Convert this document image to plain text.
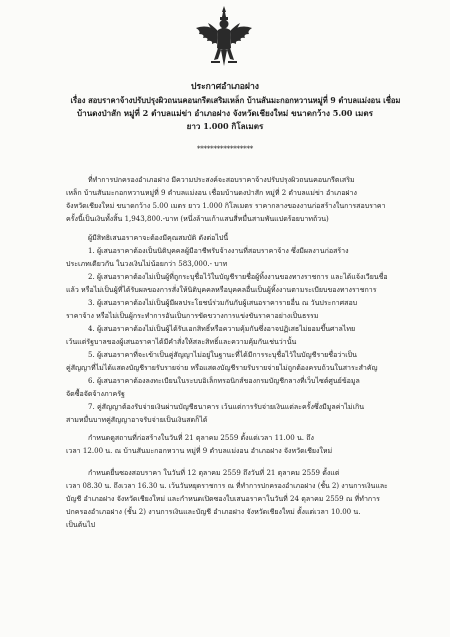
ประกาศอำเภอฝาง
เรื่อง สอบราคาจ้างปรับปรุงผิวถนนคอนกรีตเสริมเหล็ก บ้านสันมะกอกหวานหมู่ที่ 9 ตำบลแม่งอน เชื่อม
บ้านดงป่าสัก หมู่ที่ 2 ตำบลแม่ข่า อำเภอฝาง จังหวัดเชียงใหม่ ขนาดกว้าง 5.00 เมตร
ยาว 1.000 กิโลเมตร
*****************
ที่ทำการปกครองอำเภอฝาง มีความประสงค์จะสอบราคาจ้างปรับปรุงผิวถนนคอนกรีตเสริม
เหล็ก บ้านสันมะกอกหวานหมู่ที่ 9 ตำบลแม่งอน เชื่อมบ้านดงป่าสัก หมู่ที่ 2 ตำบลแม่ข่า อำเภอฝาง
จังหวัดเชียงใหม่ ขนาดกว้าง 5.00 เมตร ยาว 1.000 กิโลเมตร ราคากลางของงานก่อสร้างในการสอบราคา
ครั้งนี้เป็นเงินทั้งสิ้น 1,943,800.-บาท (หนึ่งล้านเก้าแสนสี่หมื่นสามพันแปดร้อยบาทถ้วน)
ผู้มีสิทธิเสนอราคาจะต้องมีคุณสมบัติ ดังต่อไปนี้
1. ผู้เสนอราคาต้องเป็นนิติบุคคลผู้มีอาชีพรับจ้างงานที่สอบราคาจ้าง ซึ่งมีผลงานก่อสร้าง
ประเภทเดียวกัน ในวงเงินไม่น้อยกว่า 583,000.- บาท
2. ผู้เสนอราคาต้องไม่เป็นผู้ที่ถูกระบุชื่อไว้ในบัญชีรายชื่อผู้ทิ้งงานของทางราชการ และได้แจ้งเวียนชื่อ
แล้ว หรือไม่เป็นผู้ที่ได้รับผลของการสั่งให้นิติบุคคลหรือบุคคลอื่นเป็นผู้ทิ้งงานตามระเบียบของทางราชการ
3. ผู้เสนอราคาต้องไม่เป็นผู้มีผลประโยชน์ร่วมกันกับผู้เสนอราคารายอื่น ณ วันประกาศสอบ
ราคาจ้าง หรือไม่เป็นผู้กระทำการอันเป็นการขัดขวางการแข่งขันราคาอย่างเป็นธรรม
4. ผู้เสนอราคาต้องไม่เป็นผู้ได้รับเอกสิทธิ์หรือความคุ้มกันซึ่งอาจปฏิเสธไม่ยอมขึ้นศาลไทย
เว้นแต่รัฐบาลของผู้เสนอราคาได้มีคำสั่งให้สละสิทธิ์และความคุ้มกันเช่นว่านั้น
5. ผู้เสนอราคาที่จะเข้าเป็นคู่สัญญาไม่อยู่ในฐานะที่ได้มีการระบุชื่อไว้ในบัญชีรายชื่อว่าเป็น
คู่สัญญาที่ไม่ได้แสดงบัญชีรายรับรายจ่าย หรือแสดงบัญชีรายรับรายจ่ายไม่ถูกต้องครบถ้วนในสาระสำคัญ
6. ผู้เสนอราคาต้องลงทะเบียนในระบบอิเล็กทรอนิกส์ของกรมบัญชีกลางที่เว็บไซต์ศูนย์ข้อมูล
จัดซื้อจัดจ้างภาครัฐ
7. คู่สัญญาต้องรับจ่ายเงินผ่านบัญชีธนาคาร เว้นแต่การรับจ่ายเงินแต่ละครั้งซึ่งมีมูลค่าไม่เกิน
สามหมื่นบาทคู่สัญญาอาจรับจ่ายเป็นเงินสดก็ได้
กำหนดดูสถานที่ก่อสร้างในวันที่ 21 ตุลาคม 2559 ตั้งแต่เวลา 11.00 น. ถึง
เวลา 12.00 น. ณ บ้านสันมะกอกหวาน หมู่ที่ 9 ตำบลแม่งอน อำเภอฝาง จังหวัดเชียงใหม่
กำหนดยื่นซองสอบราคา ในวันที่ 12 ตุลาคม 2559 ถึงวันที่ 21 ตุลาคม 2559 ตั้งแต่
เวลา 08.30 น. ถึงเวลา 16.30 น. เว้นวันหยุดราชการ ณ ที่ทำการปกครองอำเภอฝาง (ชั้น 2) งานการเงินและ
บัญชี อำเภอฝาง จังหวัดเชียงใหม่ และกำหนดเปิดซองใบเสนอราคาในวันที่ 24 ตุลาคม 2559 ณ ที่ทำการ
ปกครองอำเภอฝาง (ชั้น 2) งานการเงินและบัญชี อำเภอฝาง จังหวัดเชียงใหม่ ตั้งแต่เวลา 10.00 น.
เป็นต้นไป
